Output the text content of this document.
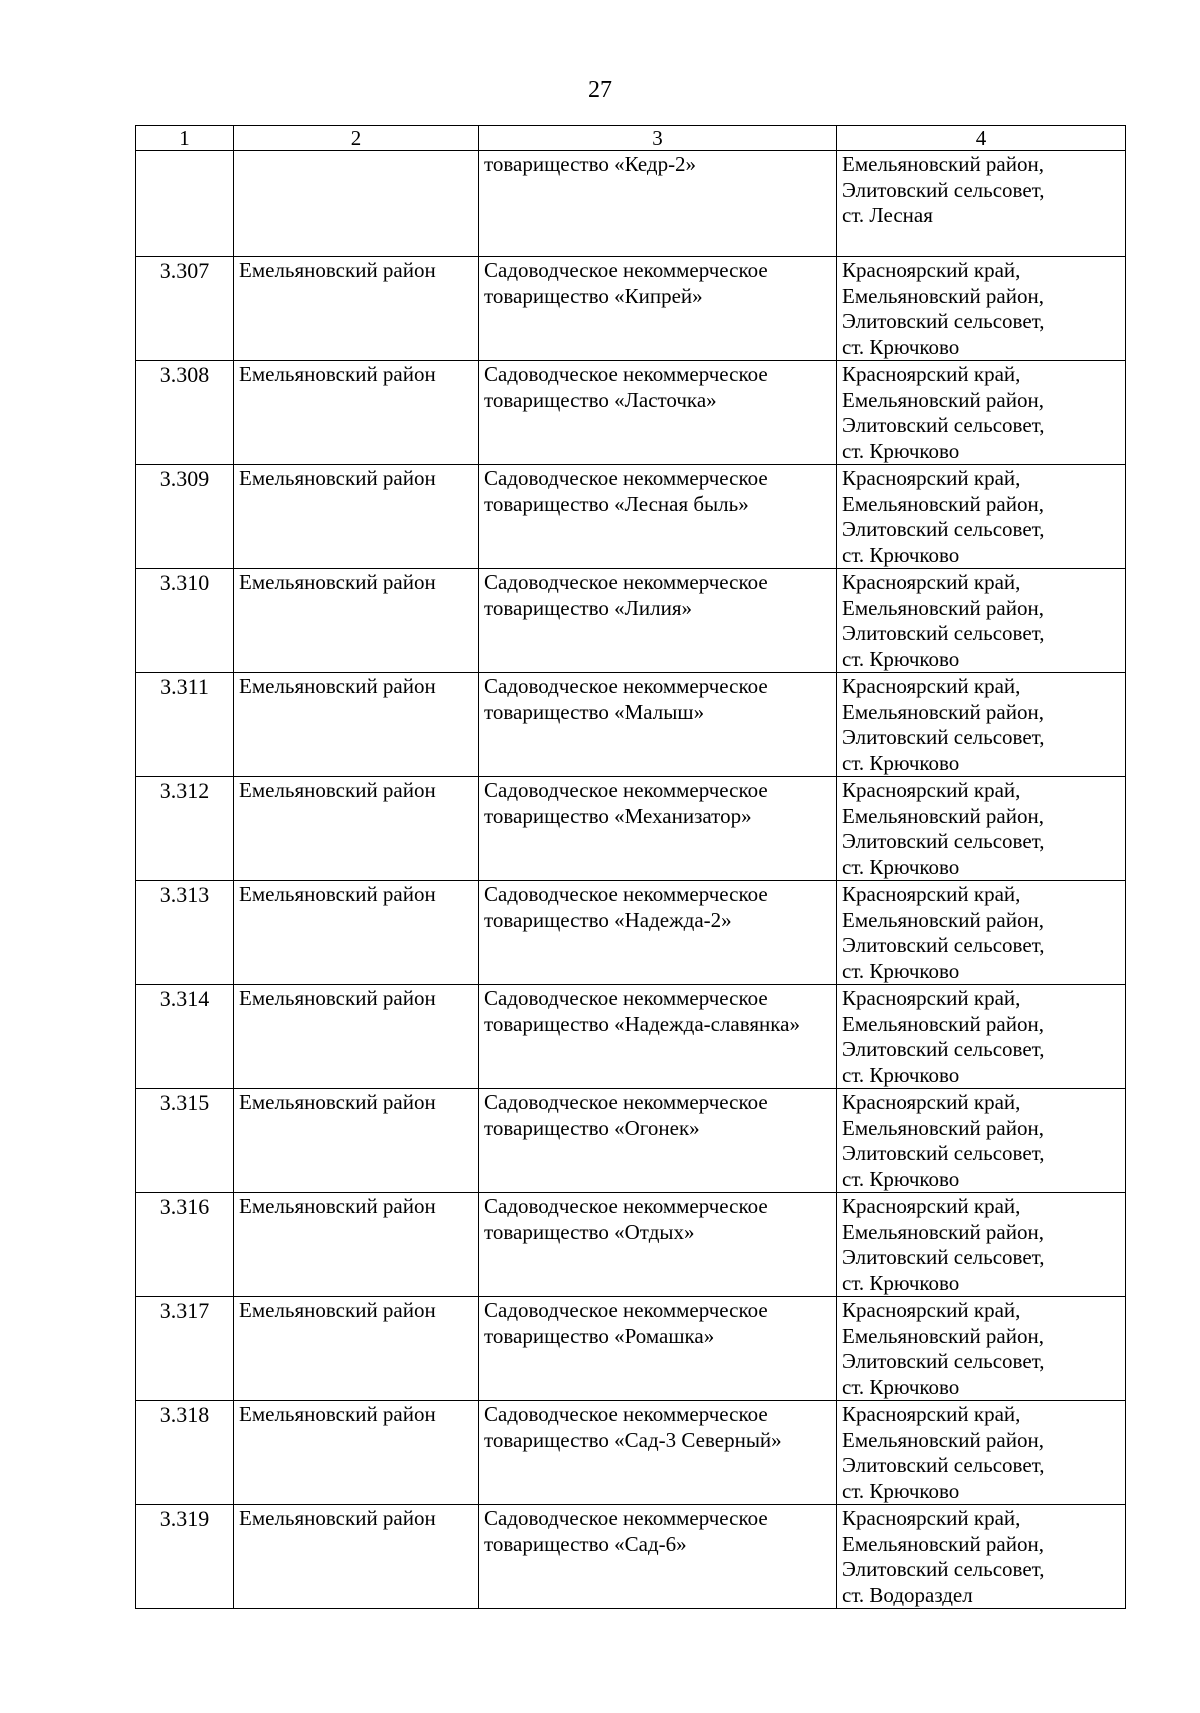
27
1	2	3	4
		товарищество «Кедр-2»	Емельяновский район,
Элитовский сельсовет,
ст. Лесная
3.307	Емельяновский район	Садоводческое некоммерческое
товарищество «Кипрей»	Красноярский край,
Емельяновский район,
Элитовский сельсовет,
ст. Крючково
3.308	Емельяновский район	Садоводческое некоммерческое
товарищество «Ласточка»	Красноярский край,
Емельяновский район,
Элитовский сельсовет,
ст. Крючково
3.309	Емельяновский район	Садоводческое некоммерческое
товарищество «Лесная быль»	Красноярский край,
Емельяновский район,
Элитовский сельсовет,
ст. Крючково
3.310	Емельяновский район	Садоводческое некоммерческое
товарищество «Лилия»	Красноярский край,
Емельяновский район,
Элитовский сельсовет,
ст. Крючково
3.311	Емельяновский район	Садоводческое некоммерческое
товарищество «Малыш»	Красноярский край,
Емельяновский район,
Элитовский сельсовет,
ст. Крючково
3.312	Емельяновский район	Садоводческое некоммерческое
товарищество «Механизатор»	Красноярский край,
Емельяновский район,
Элитовский сельсовет,
ст. Крючково
3.313	Емельяновский район	Садоводческое некоммерческое
товарищество «Надежда-2»	Красноярский край,
Емельяновский район,
Элитовский сельсовет,
ст. Крючково
3.314	Емельяновский район	Садоводческое некоммерческое
товарищество «Надежда-славянка»	Красноярский край,
Емельяновский район,
Элитовский сельсовет,
ст. Крючково
3.315	Емельяновский район	Садоводческое некоммерческое
товарищество «Огонек»	Красноярский край,
Емельяновский район,
Элитовский сельсовет,
ст. Крючково
3.316	Емельяновский район	Садоводческое некоммерческое
товарищество «Отдых»	Красноярский край,
Емельяновский район,
Элитовский сельсовет,
ст. Крючково
3.317	Емельяновский район	Садоводческое некоммерческое
товарищество «Ромашка»	Красноярский край,
Емельяновский район,
Элитовский сельсовет,
ст. Крючково
3.318	Емельяновский район	Садоводческое некоммерческое
товарищество «Сад-3 Северный»	Красноярский край,
Емельяновский район,
Элитовский сельсовет,
ст. Крючково
3.319	Емельяновский район	Садоводческое некоммерческое
товарищество «Сад-6»	Красноярский край,
Емельяновский район,
Элитовский сельсовет,
ст. Водораздел
